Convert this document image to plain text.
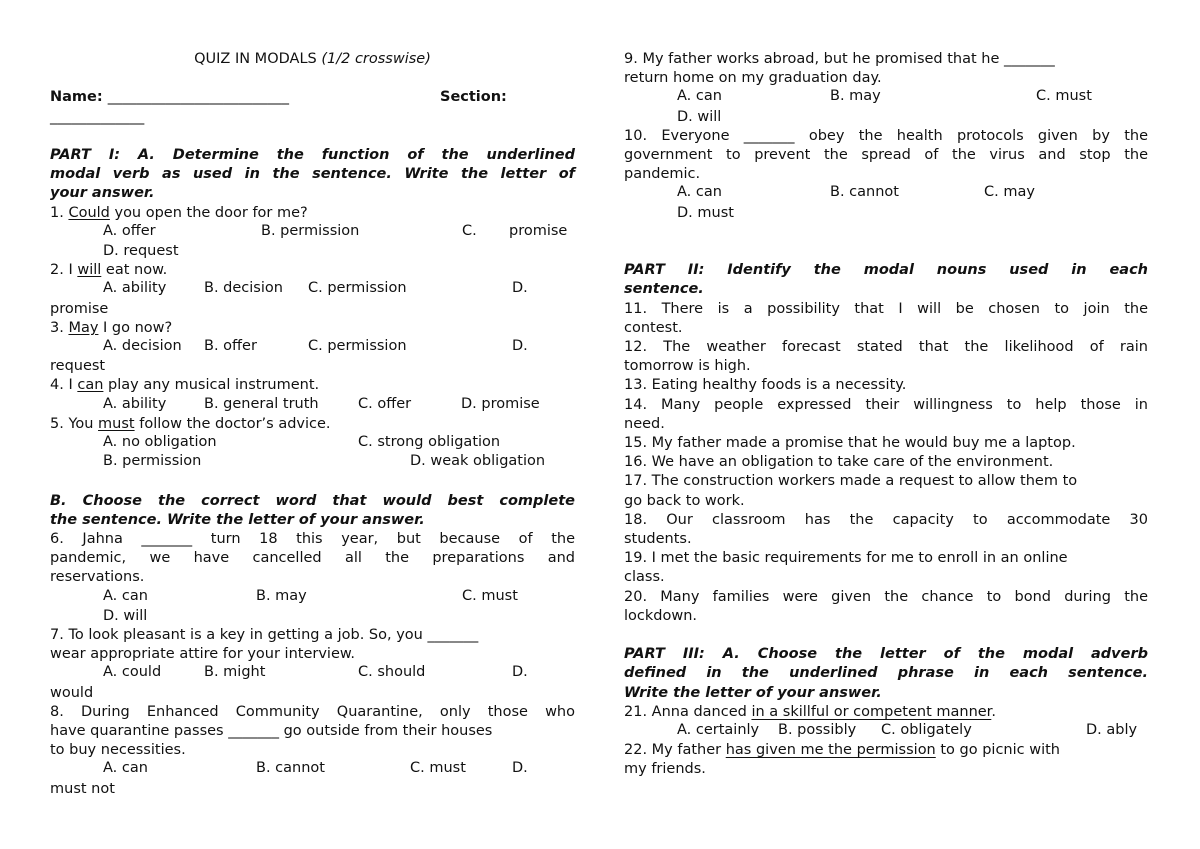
QUIZ IN MODALS (1/2 crosswise)
Name: _________________________	Section:
_____________
PART I: A. Determine the function of the underlined
modal verb as used in the sentence. Write the letter of
your answer.
1. Could you open the door for me?
A. offer	B. permission	C. promise
D. request
2. I will eat now.
A. ability	B. decision C. permission	D.
promise
3. May I go now?
A. decision B. offer	C. permission	D.
request
4. I can play any musical instrument.
A. ability	B. general truth	C. offer	D. promise
5. You must follow the doctor’s advice.
A. no obligation	C. strong obligation
B. permission	D. weak obligation
B. Choose the correct word that would best complete
the sentence. Write the letter of your answer.
6. Jahna _______ turn 18 this year, but because of the
pandemic, we have cancelled all the preparations and
reservations.
A. can	B. may	C. must
D. will
7. To look pleasant is a key in getting a job. So, you _______
wear appropriate attire for your interview.
A. could	B. might	C. should	D.
would
8. During Enhanced Community Quarantine, only those who
have quarantine passes _______ go outside from their houses
to buy necessities.
A. can	B. cannot	C. must	D.
must not
9. My father works abroad, but he promised that he _______
return home on my graduation day.
A. can	B. may	C. must
D. will
10. Everyone _______ obey the health protocols given by the
government to prevent the spread of the virus and stop the
pandemic.
A. can	B. cannot	C. may
D. must
PART II: Identify the modal nouns used in each
sentence.
11. There is a possibility that I will be chosen to join the
contest.
12. The weather forecast stated that the likelihood of rain
tomorrow is high.
13. Eating healthy foods is a necessity.
14. Many people expressed their willingness to help those in
need.
15. My father made a promise that he would buy me a laptop.
16. We have an obligation to take care of the environment.
17. The construction workers made a request to allow them to
go back to work.
18. Our classroom has the capacity to accommodate 30
students.
19. I met the basic requirements for me to enroll in an online
class.
20. Many families were given the chance to bond during the
lockdown.
PART III: A. Choose the letter of the modal adverb
defined in the underlined phrase in each sentence.
Write the letter of your answer.
21. Anna danced in a skillful or competent manner.
A. certainly B. possibly C. obligately	D. ably
22. My father has given me the permission to go picnic with
my friends.
